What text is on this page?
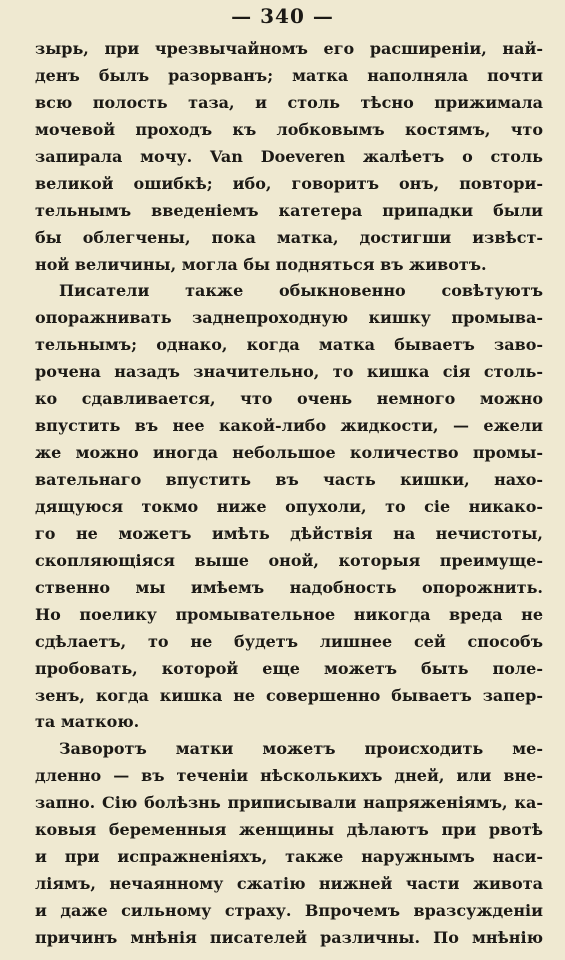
— 340 —
зырь, при чрезвычайномъ его расширеніи, най-
денъ былъ разорванъ; матка наполняла почти
всю полость таза, и столь тѣсно прижимала
мочевой проходъ къ лобковымъ костямъ, что
запирала мочу. Van Doeveren жалѣетъ о столь
великой ошибкѣ; ибо, говоритъ онъ, повтори-
тельнымъ введеніемъ катетера припадки были
бы облегчены, пока матка, достигши извѣст-
ной величины, могла бы подняться въ животъ.
Писатели также обыкновенно совѣтуютъ
опоражнивать заднепроходную кишку промыва-
тельнымъ; однако, когда матка бываетъ заво-
рочена назадъ значительно, то кишка сія столь-
ко сдавливается, что очень немного можно
впустить въ нее какой-либо жидкости, — ежели
же можно иногда небольшое количество промы-
вательнаго впустить въ часть кишки, нахо-
дящуюся токмо ниже опухоли, то сіе никако-
го не можетъ имѣть дѣйствія на нечистоты,
скопляющіяся выше оной, которыя преимуще-
ственно мы имѣемъ надобность опорожнить.
Но поелику промывательное никогда вреда не
сдѣлаетъ, то не будетъ лишнее сей способъ
пробовать, которой еще можетъ быть поле-
зенъ, когда кишка не совершенно бываетъ запер-
та маткою.
Заворотъ матки можетъ происходить ме-
дленно — въ теченіи нѣсколькихъ дней, или вне-
запно. Сію болѣзнь приписывали напряженіямъ, ка-
ковыя беременныя женщины дѣлаютъ при рвотѣ
и при испражненіяхъ, также наружнымъ наси-
ліямъ, нечаянному сжатію нижней части живота
и даже сильному страху. Впрочемъ вразсужденіи
причинъ мнѣнія писателей различны. По мнѣнію
